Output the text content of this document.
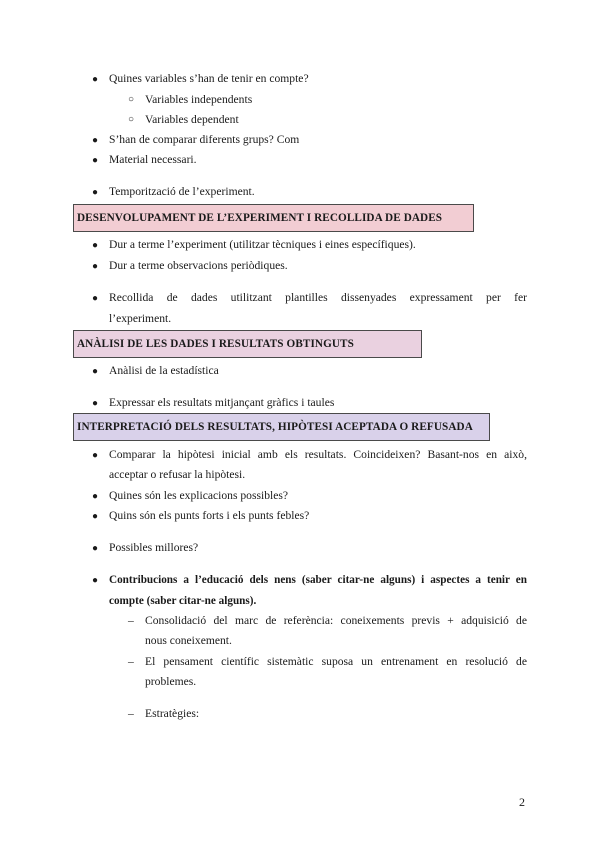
● Quines variables s’han de tenir en compte?
○ Variables independents
○ Variables dependent
● S’han de comparar diferents grups? Com
● Material necessari.
● Temporització de l’experiment.
DESENVOLUPAMENT DE L’EXPERIMENT I RECOLLIDA DE DADES
● Dur a terme l’experiment (utilitzar tècniques i eines específiques).
● Dur a terme observacions periòdiques.
● Recollida de dades utilitzant plantilles dissenyades expressament per fer
l’experiment.
ANÀLISI DE LES DADES I RESULTATS OBTINGUTS
● Anàlisi de la estadística
● Expressar els resultats mitjançant gràfics i taules
INTERPRETACIÓ DELS RESULTATS, HIPÒTESI ACEPTADA O REFUSADA
● Comparar la hipòtesi inicial amb els resultats. Coincideixen? Basant-nos en això,
acceptar o refusar la hipòtesi.
● Quines són les explicacions possibles?
● Quins són els punts forts i els punts febles?
● Possibles millores?
● Contribucions a l’educació dels nens (saber citar-ne alguns) i aspectes a tenir en
compte (saber citar-ne alguns).
– Consolidació del marc de referència: coneixements previs + adquisició de
nous coneixement.
– El pensament científic sistemàtic suposa un entrenament en resolució de
problemes.
– Estratègies:
2
